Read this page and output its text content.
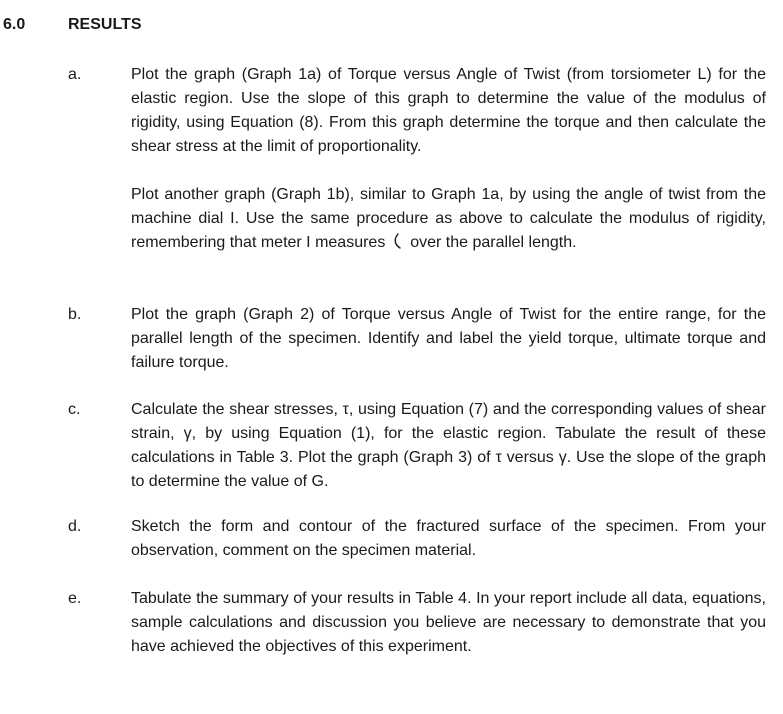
6.0	RESULTS
a.	Plot the graph (Graph 1a) of Torque versus Angle of Twist (from torsiometer L) for the elastic region. Use the slope of this graph to determine the value of the modulus of rigidity, using Equation (8). From this graph determine the torque and then calculate the shear stress at the limit of proportionality.
Plot another graph (Graph 1b), similar to Graph 1a, by using the angle of twist from the machine dial I. Use the same procedure as above to calculate the modulus of rigidity, remembering that meter I measures over the parallel length.
b.	Plot the graph (Graph 2) of Torque versus Angle of Twist for the entire range, for the parallel length of the specimen. Identify and label the yield torque, ultimate torque and failure torque.
c.	Calculate the shear stresses, τ, using Equation (7) and the corresponding values of shear strain, γ, by using Equation (1), for the elastic region. Tabulate the result of these calculations in Table 3. Plot the graph (Graph 3) of τ versus γ. Use the slope of the graph to determine the value of G.
d.	Sketch the form and contour of the fractured surface of the specimen. From your observation, comment on the specimen material.
e.	Tabulate the summary of your results in Table 4. In your report include all data, equations, sample calculations and discussion you believe are necessary to demonstrate that you have achieved the objectives of this experiment.
